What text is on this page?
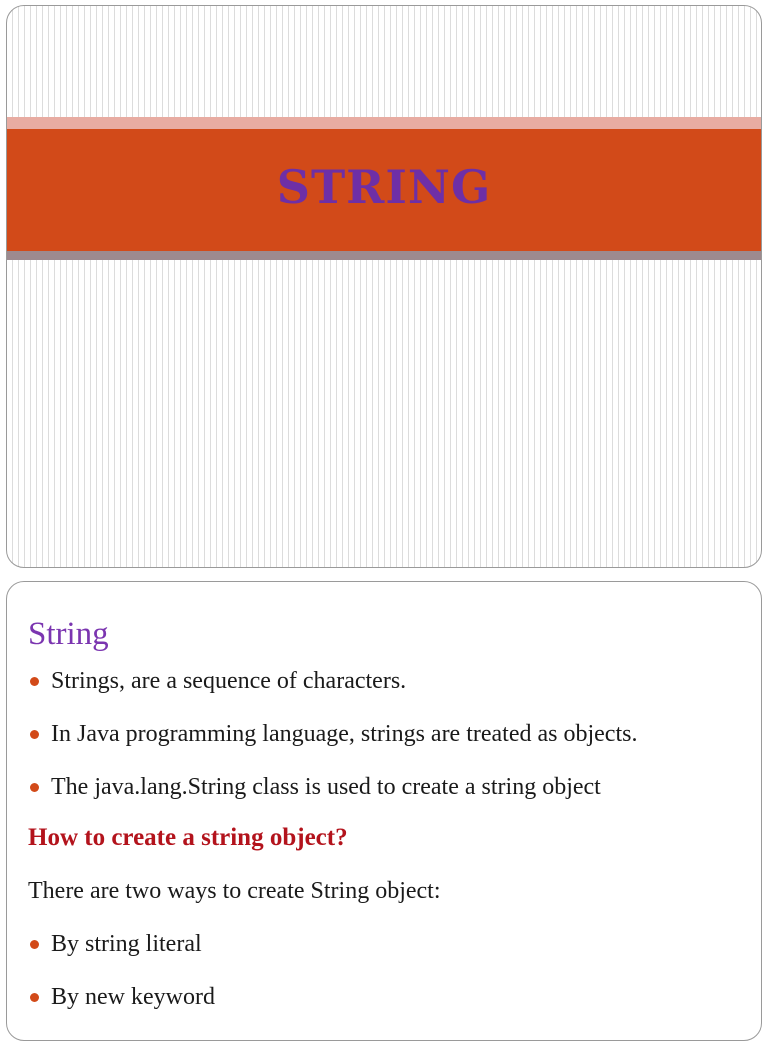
STRING
String
Strings, are a sequence of characters.
In Java programming language, strings are treated as objects.
The java.lang.String class is used to create a string object
How to create a string object?
There are two ways to create String object:
By string literal
By new keyword
